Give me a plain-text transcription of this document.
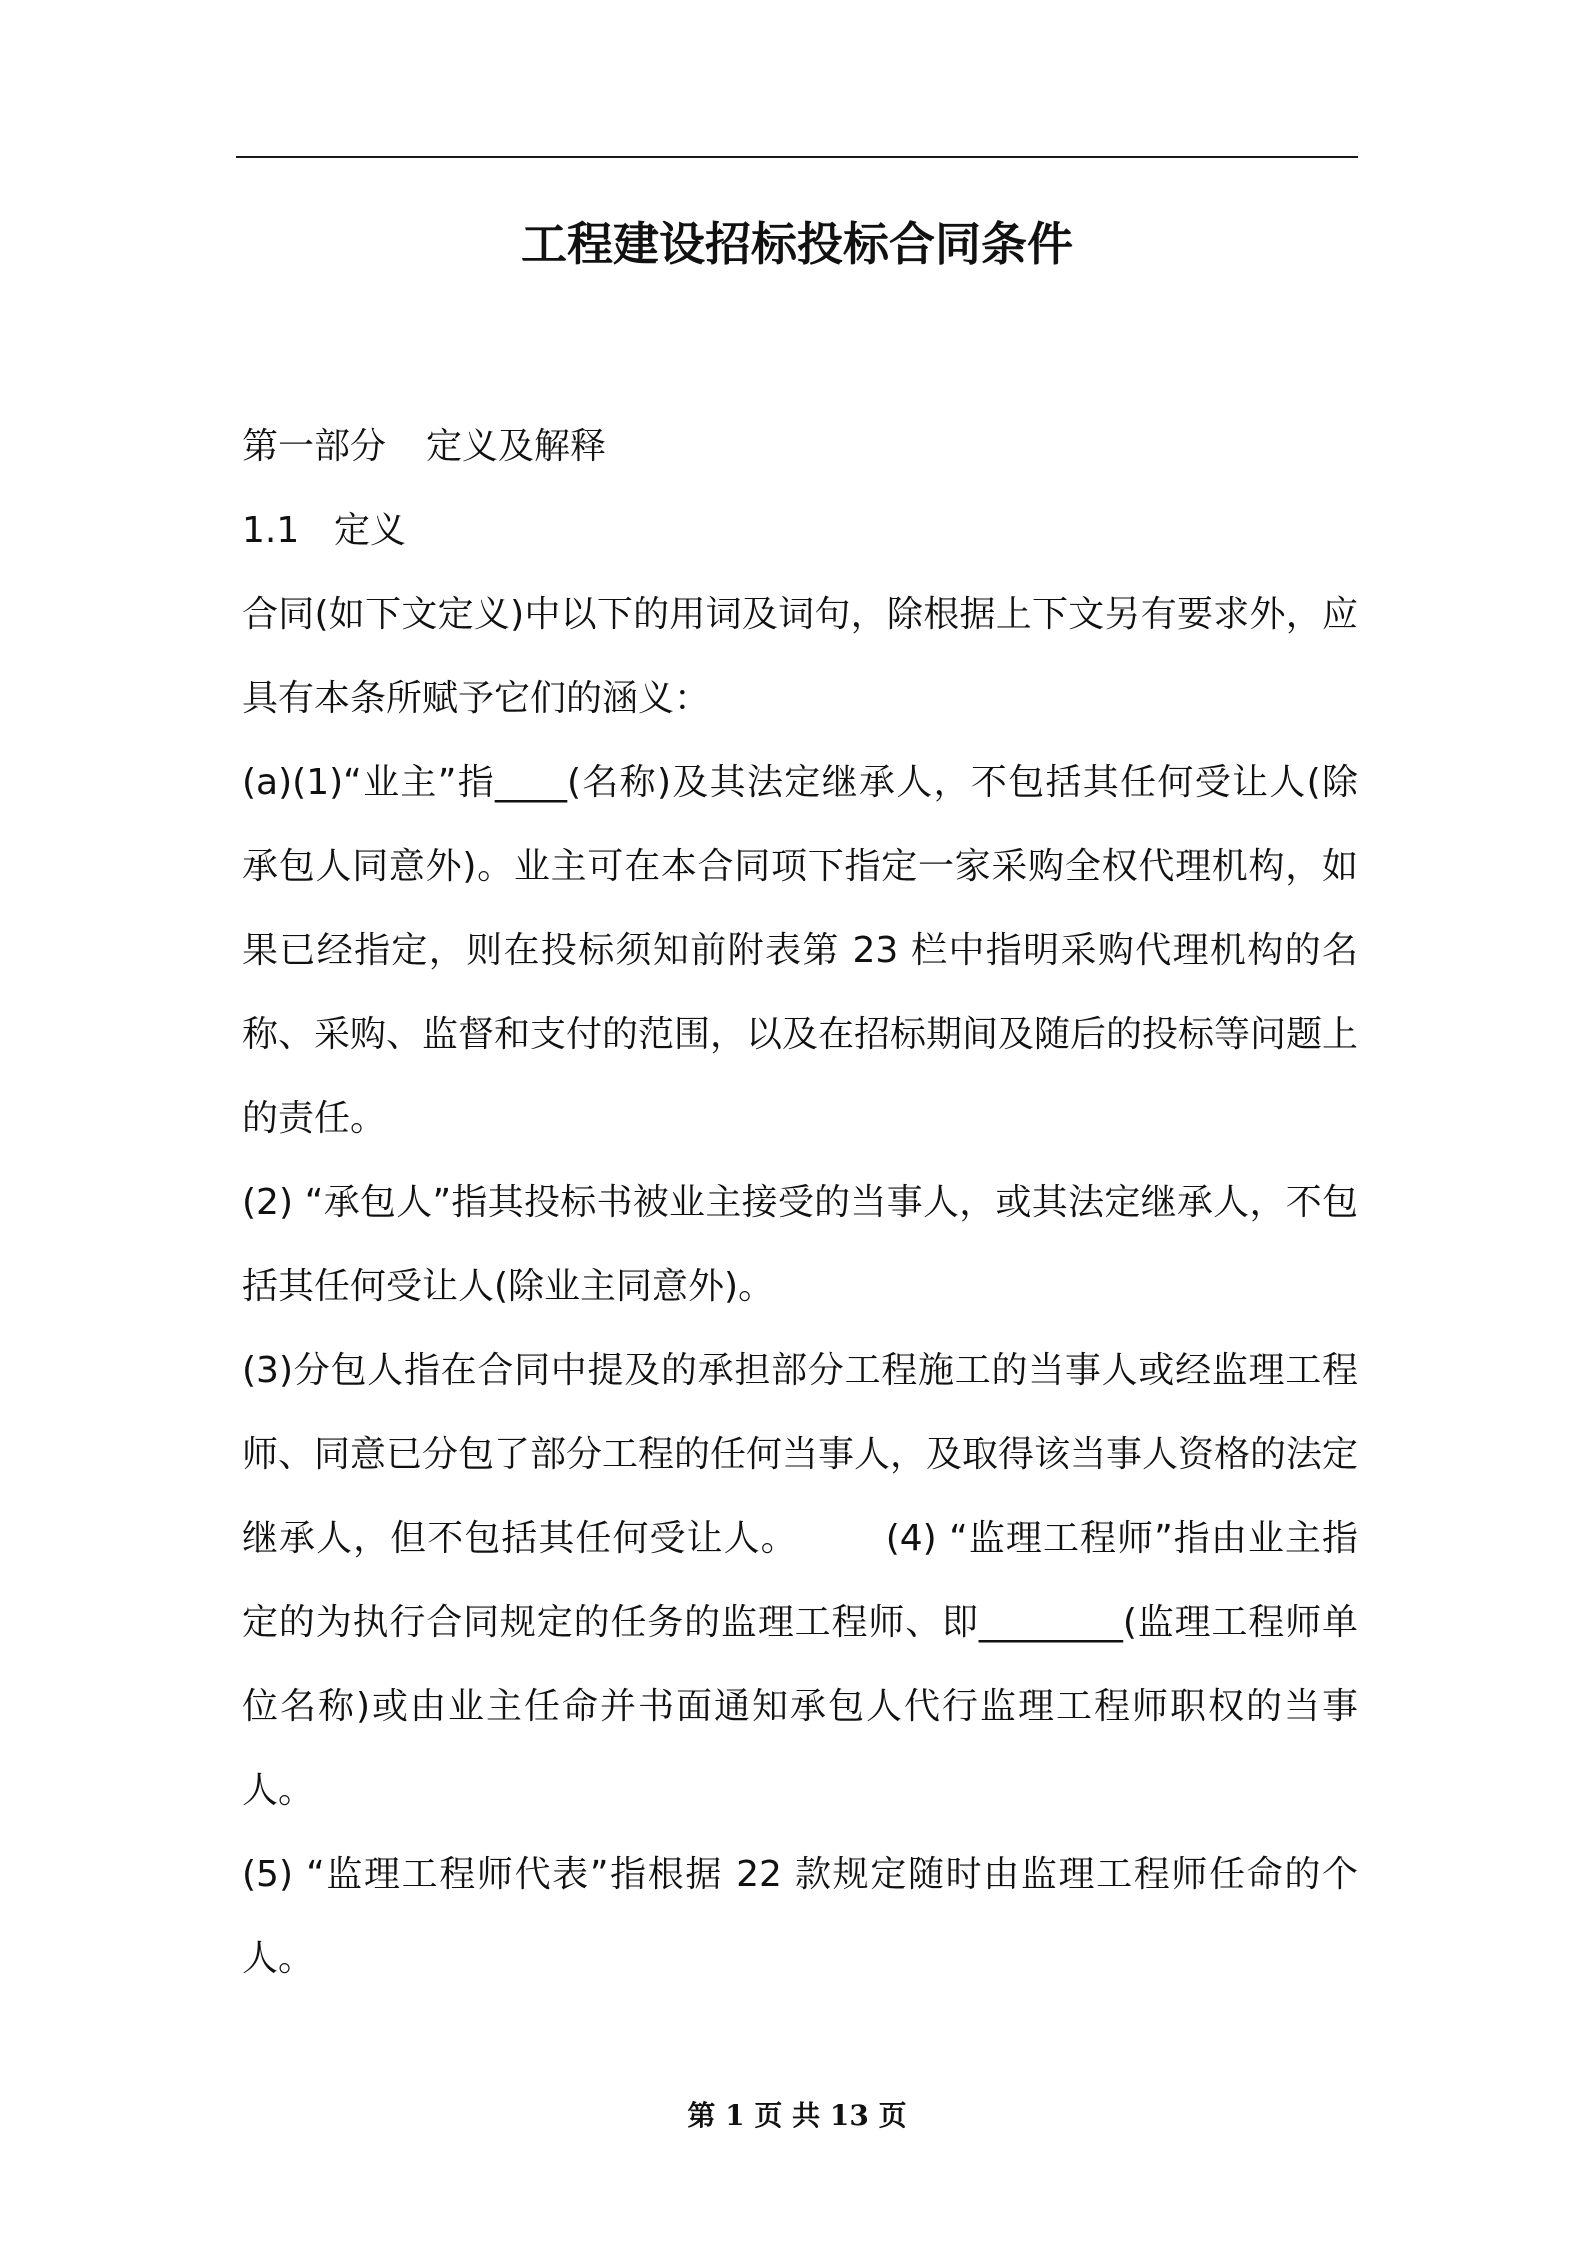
工程建设招标投标合同条件

第一部分 定义及解释

1.1 定义

合同(如下文定义)中以下的用词及词句，除根据上下文另有要求外，应具有本条所赋予它们的涵义：

(a)(1)“业主”指____(名称)及其法定继承人，不包括其任何受让人(除承包人同意外)。业主可在本合同项下指定一家采购全权代理机构，如果已经指定，则在投标须知前附表第 23 栏中指明采购代理机构的名称、采购、监督和支付的范围，以及在招标期间及随后的投标等问题上的责任。

(2) “承包人”指其投标书被业主接受的当事人，或其法定继承人，不包括其任何受让人(除业主同意外)。

(3)分包人指在合同中提及的承担部分工程施工的当事人或经监理工程师、同意已分包了部分工程的任何当事人，及取得该当事人资格的法定继承人，但不包括其任何受让人。 (4) “监理工程师”指由业主指定的为执行合同规定的任务的监理工程师、即________(监理工程师单位名称)或由业主任命并书面通知承包人代行监理工程师职权的当事人。

(5) “监理工程师代表”指根据 22 款规定随时由监理工程师任命的个人。

第 1 页 共 13 页
